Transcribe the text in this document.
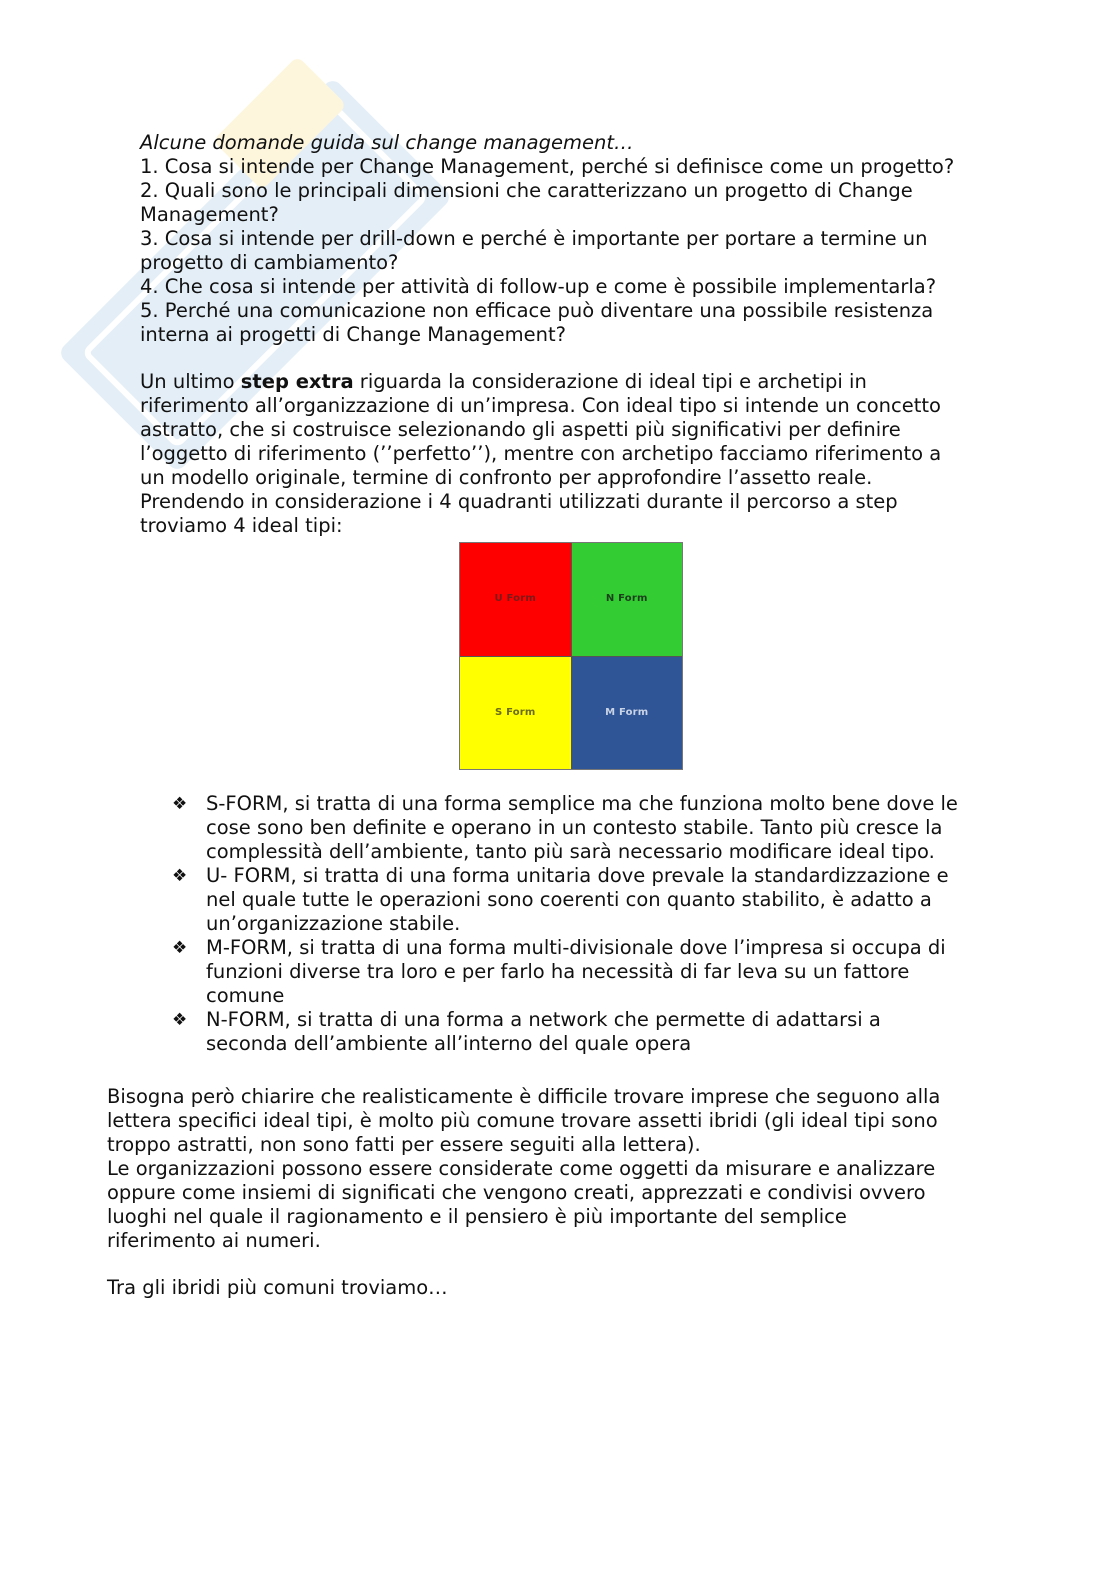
Alcune domande guida sul change management…
1. Cosa si intende per Change Management, perché si definisce come un progetto?
2. Quali sono le principali dimensioni che caratterizzano un progetto di Change
Management?
3. Cosa si intende per drill-down e perché è importante per portare a termine un
progetto di cambiamento?
4. Che cosa si intende per attività di follow-up e come è possibile implementarla?
5. Perché una comunicazione non efficace può diventare una possibile resistenza
interna ai progetti di Change Management?
Un ultimo step extra riguarda la considerazione di ideal tipi e archetipi in
riferimento all’organizzazione di un’impresa. Con ideal tipo si intende un concetto
astratto, che si costruisce selezionando gli aspetti più significativi per definire
l’oggetto di riferimento (’’perfetto’’), mentre con archetipo facciamo riferimento a
un modello originale, termine di confronto per approfondire l’assetto reale.
Prendendo in considerazione i 4 quadranti utilizzati durante il percorso a step
troviamo 4 ideal tipi:
U Form	N Form
S Form	M Form
❖ S-FORM, si tratta di una forma semplice ma che funziona molto bene dove le
cose sono ben definite e operano in un contesto stabile. Tanto più cresce la
complessità dell’ambiente, tanto più sarà necessario modificare ideal tipo.
❖ U- FORM, si tratta di una forma unitaria dove prevale la standardizzazione e
nel quale tutte le operazioni sono coerenti con quanto stabilito, è adatto a
un’organizzazione stabile.
❖ M-FORM, si tratta di una forma multi-divisionale dove l’impresa si occupa di
funzioni diverse tra loro e per farlo ha necessità di far leva su un fattore
comune
❖ N-FORM, si tratta di una forma a network che permette di adattarsi a
seconda dell’ambiente all’interno del quale opera
Bisogna però chiarire che realisticamente è difficile trovare imprese che seguono alla
lettera specifici ideal tipi, è molto più comune trovare assetti ibridi (gli ideal tipi sono
troppo astratti, non sono fatti per essere seguiti alla lettera).
Le organizzazioni possono essere considerate come oggetti da misurare e analizzare
oppure come insiemi di significati che vengono creati, apprezzati e condivisi ovvero
luoghi nel quale il ragionamento e il pensiero è più importante del semplice
riferimento ai numeri.
Tra gli ibridi più comuni troviamo…
